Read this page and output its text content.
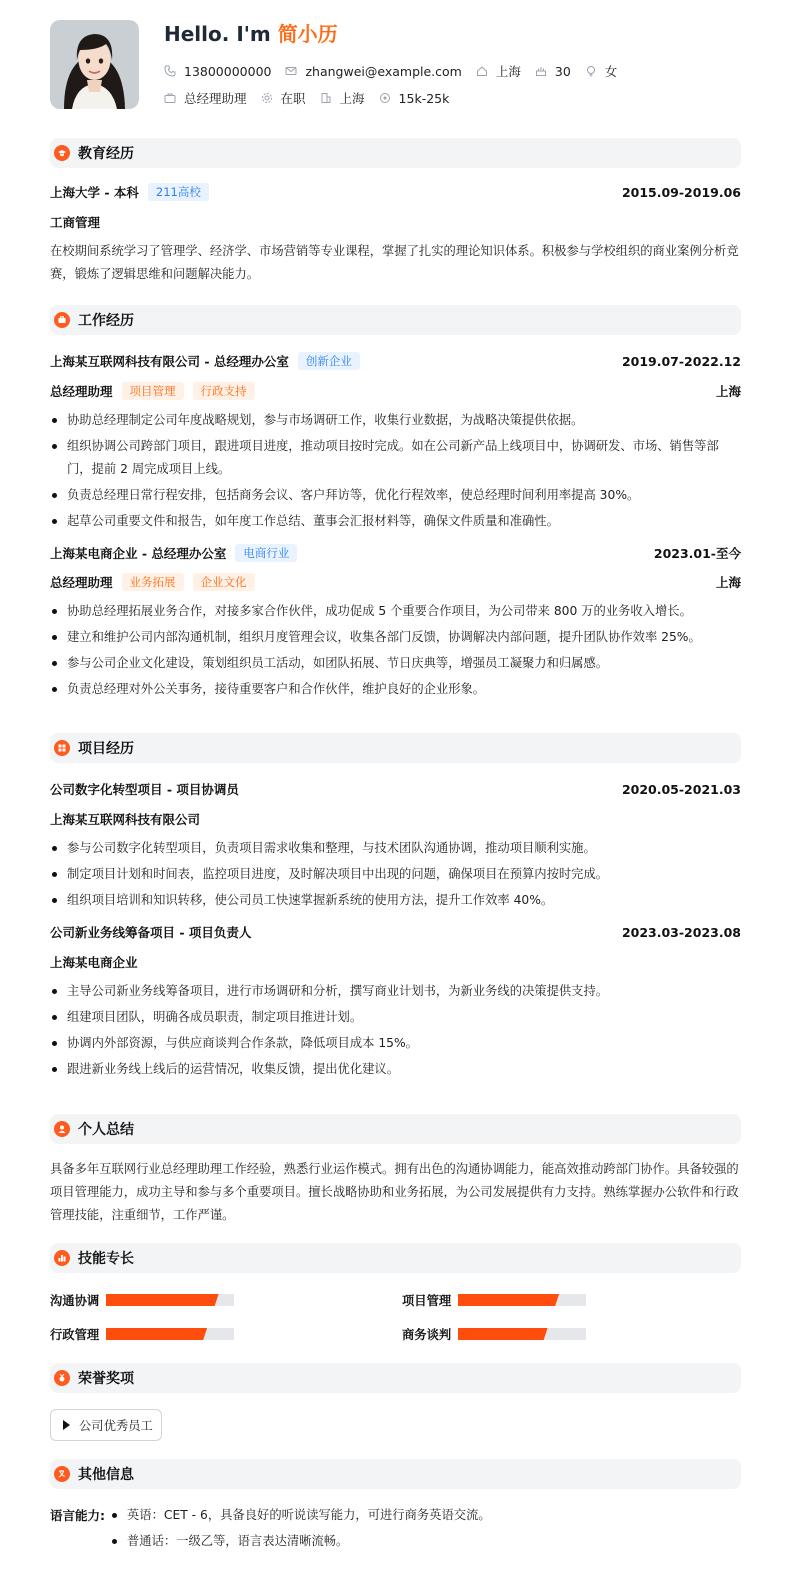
Hello. I'm 简小历
13800000000	zhangwei@example.com	上海	30	女
总经理助理	在职	上海	15k-25k
教育经历
上海大学 - 本科	211高校	2015.09-2019.06
工商管理
在校期间系统学习了管理学、经济学、市场营销等专业课程，掌握了扎实的理论知识体系。积极参与学校组织的商业案例分析竞赛，锻炼了逻辑思维和问题解决能力。
工作经历
上海某互联网科技有限公司 - 总经理办公室	创新企业	2019.07-2022.12
总经理助理	项目管理	行政支持	上海
协助总经理制定公司年度战略规划，参与市场调研工作，收集行业数据，为战略决策提供依据。
组织协调公司跨部门项目，跟进项目进度，推动项目按时完成。如在公司新产品上线项目中，协调研发、市场、销售等部门，提前 2 周完成项目上线。
负责总经理日常行程安排，包括商务会议、客户拜访等，优化行程效率，使总经理时间利用率提高 30%。
起草公司重要文件和报告，如年度工作总结、董事会汇报材料等，确保文件质量和准确性。
上海某电商企业 - 总经理办公室	电商行业	2023.01-至今
总经理助理	业务拓展	企业文化	上海
协助总经理拓展业务合作，对接多家合作伙伴，成功促成 5 个重要合作项目，为公司带来 800 万的业务收入增长。
建立和维护公司内部沟通机制，组织月度管理会议，收集各部门反馈，协调解决内部问题，提升团队协作效率 25%。
参与公司企业文化建设，策划组织员工活动，如团队拓展、节日庆典等，增强员工凝聚力和归属感。
负责总经理对外公关事务，接待重要客户和合作伙伴，维护良好的企业形象。
项目经历
公司数字化转型项目 - 项目协调员	2020.05-2021.03
上海某互联网科技有限公司
参与公司数字化转型项目，负责项目需求收集和整理，与技术团队沟通协调，推动项目顺利实施。
制定项目计划和时间表，监控项目进度，及时解决项目中出现的问题，确保项目在预算内按时完成。
组织项目培训和知识转移，使公司员工快速掌握新系统的使用方法，提升工作效率 40%。
公司新业务线筹备项目 - 项目负责人	2023.03-2023.08
上海某电商企业
主导公司新业务线筹备项目，进行市场调研和分析，撰写商业计划书，为新业务线的决策提供支持。
组建项目团队，明确各成员职责，制定项目推进计划。
协调内外部资源，与供应商谈判合作条款，降低项目成本 15%。
跟进新业务线上线后的运营情况，收集反馈，提出优化建议。
个人总结
具备多年互联网行业总经理助理工作经验，熟悉行业运作模式。拥有出色的沟通协调能力，能高效推动跨部门协作。具备较强的项目管理能力，成功主导和参与多个重要项目。擅长战略协助和业务拓展，为公司发展提供有力支持。熟练掌握办公软件和行政管理技能，注重细节，工作严谨。
技能专长
沟通协调	项目管理
行政管理	商务谈判
荣誉奖项
公司优秀员工
其他信息
语言能力:	英语：CET - 6，具备良好的听说读写能力，可进行商务英语交流。
普通话：一级乙等，语言表达清晰流畅。
